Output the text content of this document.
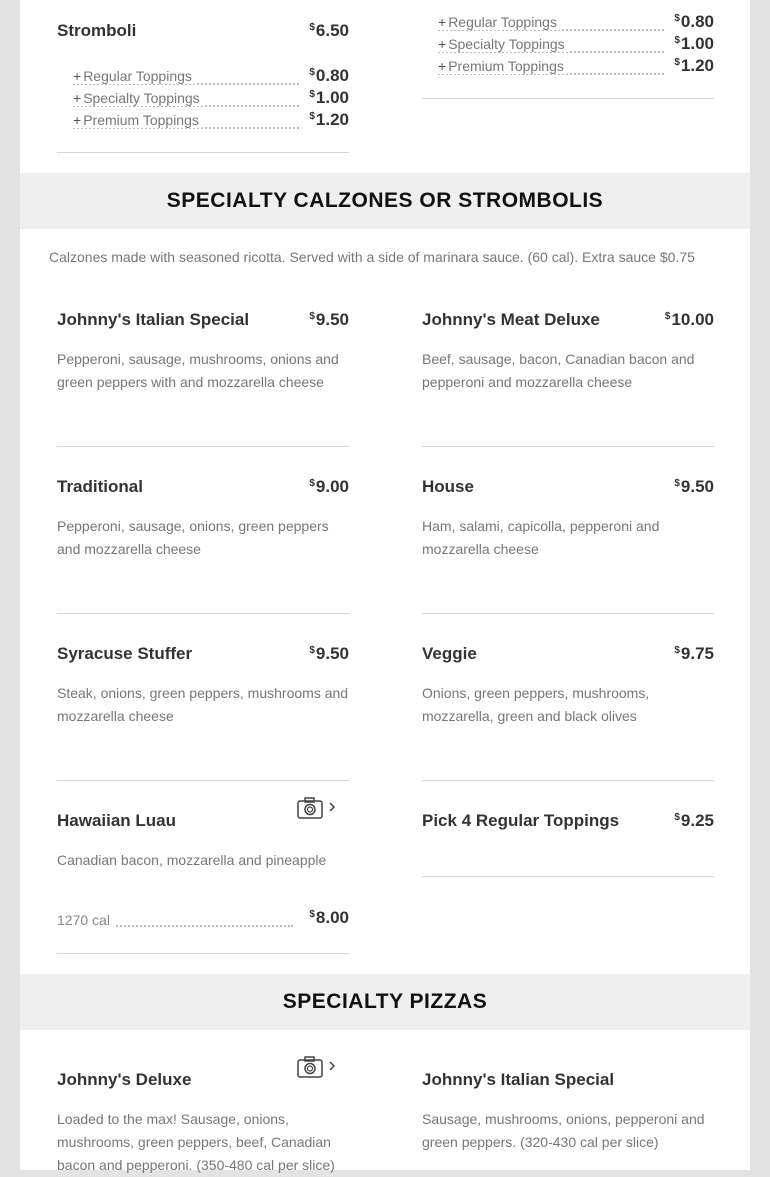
Stromboli	$6.50
+ Regular Toppings	$0.80
+ Specialty Toppings	$1.00
+ Premium Toppings	$1.20
+ Regular Toppings	$0.80
+ Specialty Toppings	$1.00
+ Premium Toppings	$1.20
SPECIALTY CALZONES OR STROMBOLIS
Calzones made with seasoned ricotta. Served with a side of marinara sauce. (60 cal). Extra sauce $0.75
Johnny's Italian Special	$9.50
Pepperoni, sausage, mushrooms, onions and green peppers with and mozzarella cheese
Johnny's Meat Deluxe	$10.00
Beef, sausage, bacon, Canadian bacon and pepperoni and mozzarella cheese
Traditional	$9.00
Pepperoni, sausage, onions, green peppers and mozzarella cheese
House	$9.50
Ham, salami, capicolla, pepperoni and mozzarella cheese
Syracuse Stuffer	$9.50
Steak, onions, green peppers, mushrooms and mozzarella cheese
Veggie	$9.75
Onions, green peppers, mushrooms, mozzarella, green and black olives
Hawaiian Luau
Canadian bacon, mozzarella and pineapple
1270 cal	$8.00
Pick 4 Regular Toppings	$9.25
SPECIALTY PIZZAS
Johnny's Deluxe
Loaded to the max! Sausage, onions, mushrooms, green peppers, beef, Canadian bacon and pepperoni. (350-480 cal per slice)
Johnny's Italian Special
Sausage, mushrooms, onions, pepperoni and green peppers. (320-430 cal per slice)
